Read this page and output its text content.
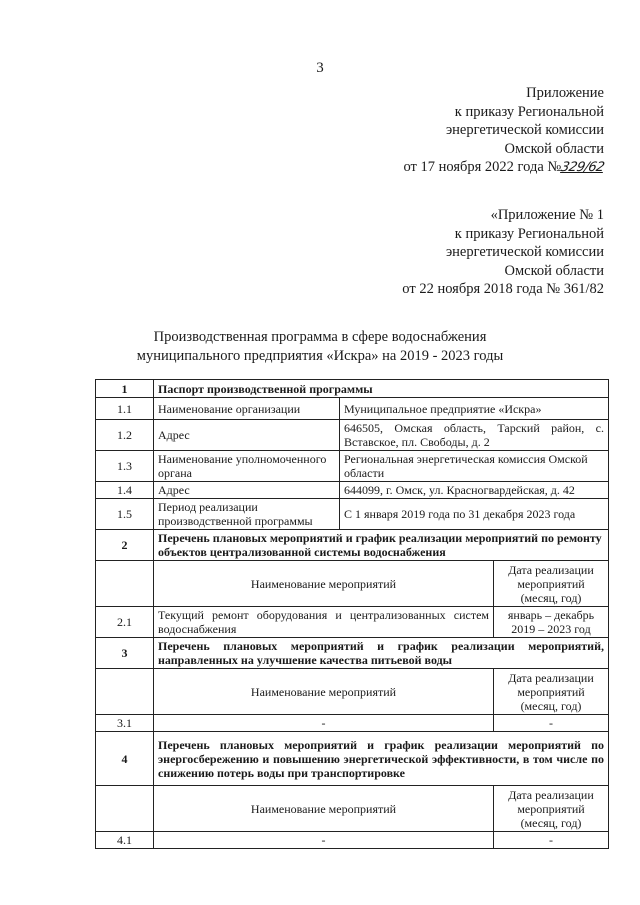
3
Приложение
к приказу Региональной
энергетической комиссии
Омской области
от 17 ноября 2022 года №329/62
«Приложение № 1
к приказу Региональной
энергетической комиссии
Омской области
от 22 ноября 2018 года № 361/82
Производственная программа в сфере водоснабжения
муниципального предприятия «Искра» на 2019 - 2023 годы
1	Паспорт производственной программы		
1.1	Наименование организации	Муниципальное предприятие «Искра»	
1.2	Адрес	646505, Омская область, Тарский район, с. Вставское, пл. Свободы, д. 2	
1.3	Наименование уполномоченного органа	Региональная энергетическая комиссия Омской области	
1.4	Адрес	644099, г. Омск, ул. Красногвардейская, д. 42	
1.5	Период реализации производственной программы	С 1 января 2019 года по 31 декабря 2023 года	
2	Перечень плановых мероприятий и график реализации мероприятий по ремонту объектов централизованной системы водоснабжения		
	Наименование мероприятий		Дата реализации мероприятий (месяц, год)
2.1	Текущий ремонт оборудования и централизованных систем водоснабжения		январь – декабрь 2019 – 2023 год
3	Перечень плановых мероприятий и график реализации мероприятий, направленных на улучшение качества питьевой воды		
	Наименование мероприятий		Дата реализации мероприятий (месяц, год)
3.1	-		-
4	Перечень плановых мероприятий и график реализации мероприятий по энергосбережению и повышению энергетической эффективности, в том числе по снижению потерь воды при транспортировке		
	Наименование мероприятий		Дата реализации мероприятий (месяц, год)
4.1	-		-
